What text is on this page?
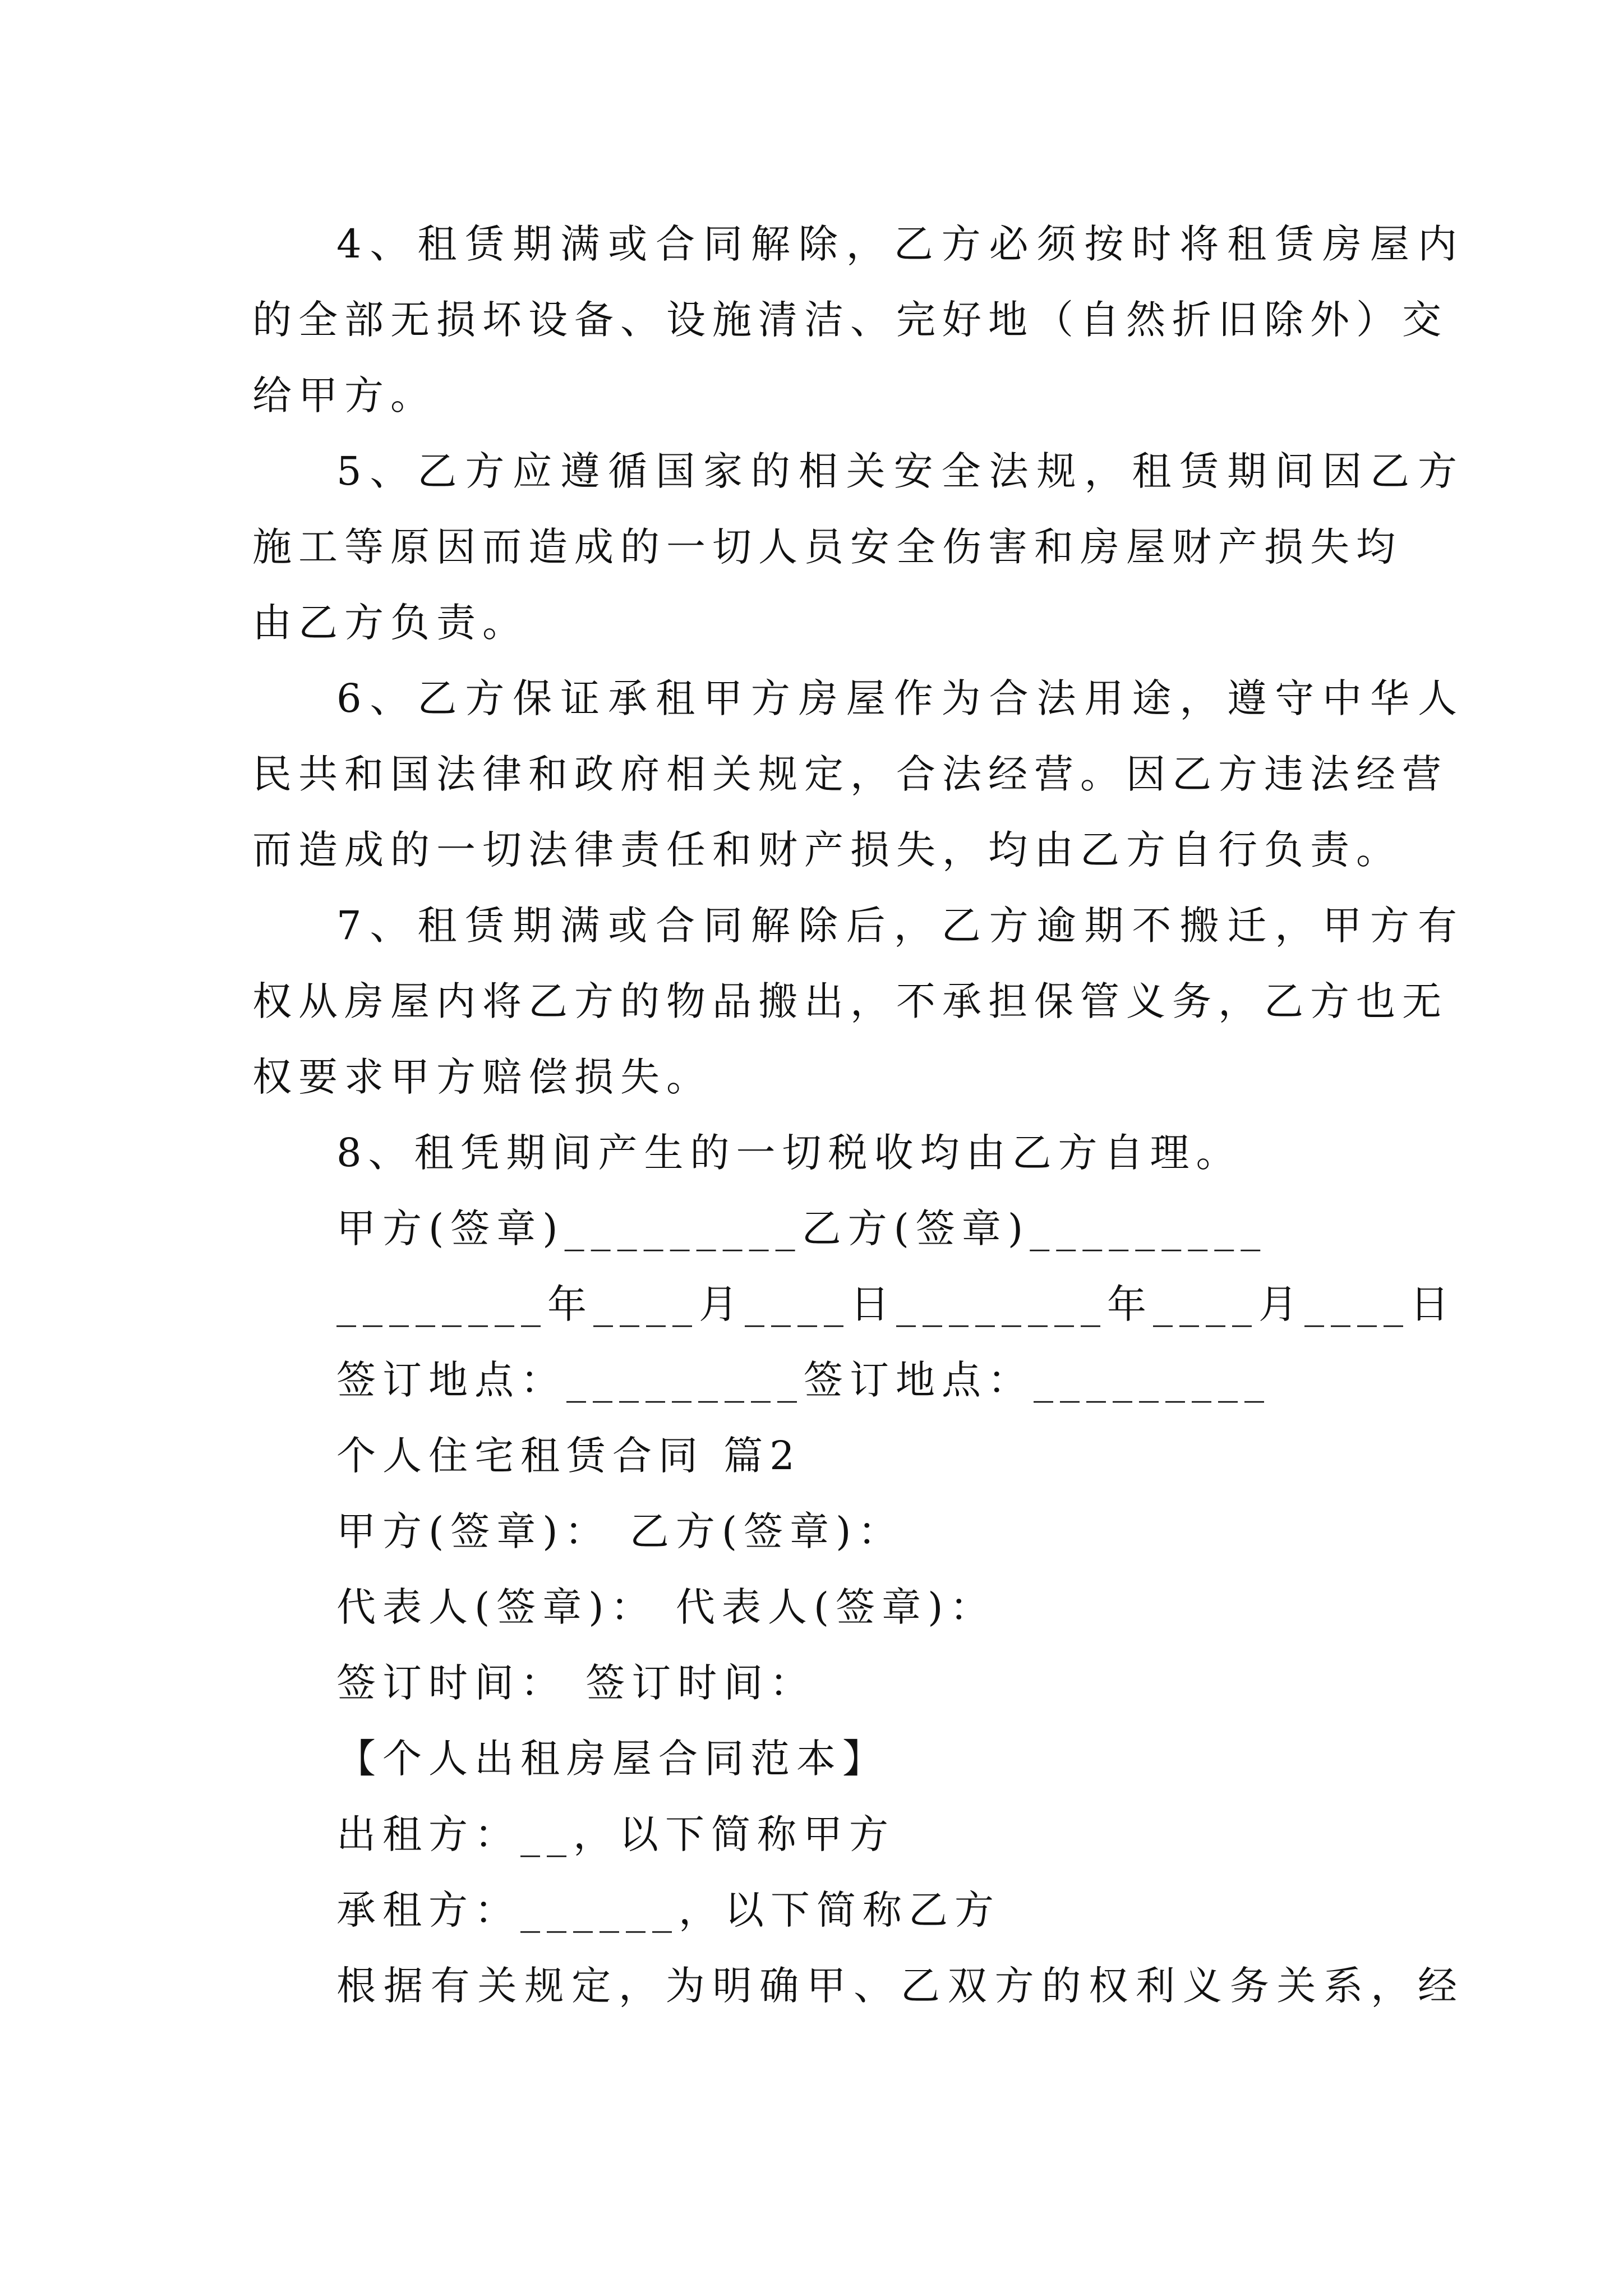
4、租赁期满或合同解除，乙方必须按时将租赁房屋内
的全部无损坏设备、设施清洁、完好地（自然折旧除外）交
给甲方。
5、乙方应遵循国家的相关安全法规，租赁期间因乙方
施工等原因而造成的一切人员安全伤害和房屋财产损失均
由乙方负责。
6、乙方保证承租甲方房屋作为合法用途，遵守中华人
民共和国法律和政府相关规定，合法经营。因乙方违法经营
而造成的一切法律责任和财产损失，均由乙方自行负责。
7、租赁期满或合同解除后，乙方逾期不搬迁，甲方有
权从房屋内将乙方的物品搬出，不承担保管义务，乙方也无
权要求甲方赔偿损失。
8、租凭期间产生的一切税收均由乙方自理。
甲方(签章)_________乙方(签章)_________
________年____月____日________年____月____日
签订地点：_________签订地点：_________
个人住宅租赁合同 篇2
甲方(签章)： 乙方(签章)：
代表人(签章)： 代表人(签章)：
签订时间： 签订时间：
【个人出租房屋合同范本】
出租方：__，以下简称甲方
承租方：______，以下简称乙方
根据有关规定，为明确甲、乙双方的权利义务关系，经
